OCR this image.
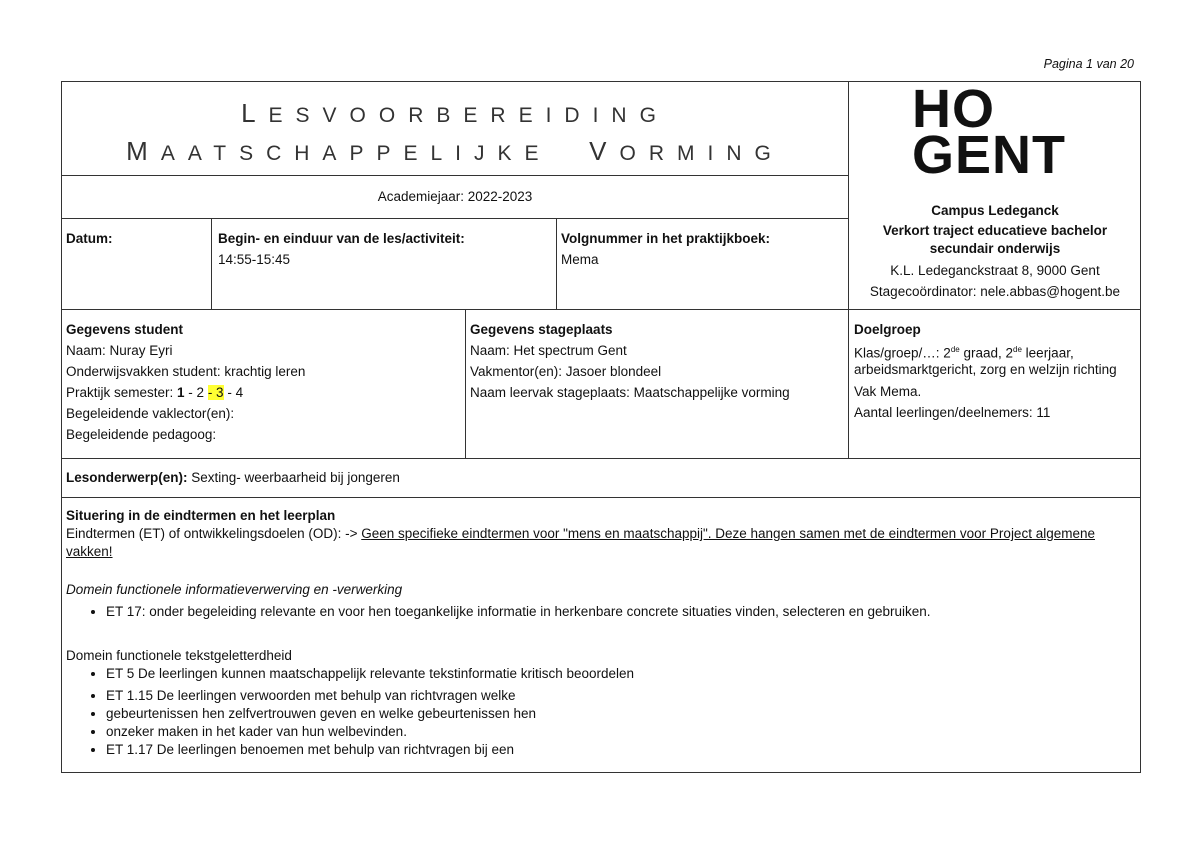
Pagina 1 van 20
LESVOORBEREIDING
MAATSCHAPPELIJKE VORMING
Academiejaar: 2022-2023
HO
GENT
Campus Ledeganck
Verkort traject educatieve bachelor secundair onderwijs
K.L. Ledeganckstraat 8, 9000 Gent
Stagecoördinator: nele.abbas@hogent.be
Datum:	Begin- en einduur van de les/activiteit:
14:55-15:45
Volgnummer in het praktijkboek:
Mema
Gegevens student
Naam: Nuray Eyri
Onderwijsvakken student: krachtig leren
Praktijk semester: 1 - 2 - 3 - 4
Begeleidende vaklector(en):
Begeleidende pedagoog:
Gegevens stageplaats
Naam: Het spectrum Gent
Vakmentor(en): Jasoer blondeel
Naam leervak stageplaats: Maatschappelijke vorming
Doelgroep
Klas/groep/…: 2de graad, 2de leerjaar, arbeidsmarktgericht, zorg en welzijn richting
Vak Mema.
Aantal leerlingen/deelnemers: 11
Lesonderwerp(en): Sexting- weerbaarheid bij jongeren
Situering in de eindtermen en het leerplan
Eindtermen (ET) of ontwikkelingsdoelen (OD): -> Geen specifieke eindtermen voor "mens en maatschappij". Deze hangen samen met de eindtermen voor Project algemene vakken!
Domein functionele informatieverwerving en -verwerking
• ET 17: onder begeleiding relevante en voor hen toegankelijke informatie in herkenbare concrete situaties vinden, selecteren en gebruiken.
Domein functionele tekstgeletterdheid
• ET 5 De leerlingen kunnen maatschappelijk relevante tekstinformatie kritisch beoordelen
• ET 1.15 De leerlingen verwoorden met behulp van richtvragen welke
• gebeurtenissen hen zelfvertrouwen geven en welke gebeurtenissen hen
• onzeker maken in het kader van hun welbevinden.
• ET 1.17 De leerlingen benoemen met behulp van richtvragen bij een
